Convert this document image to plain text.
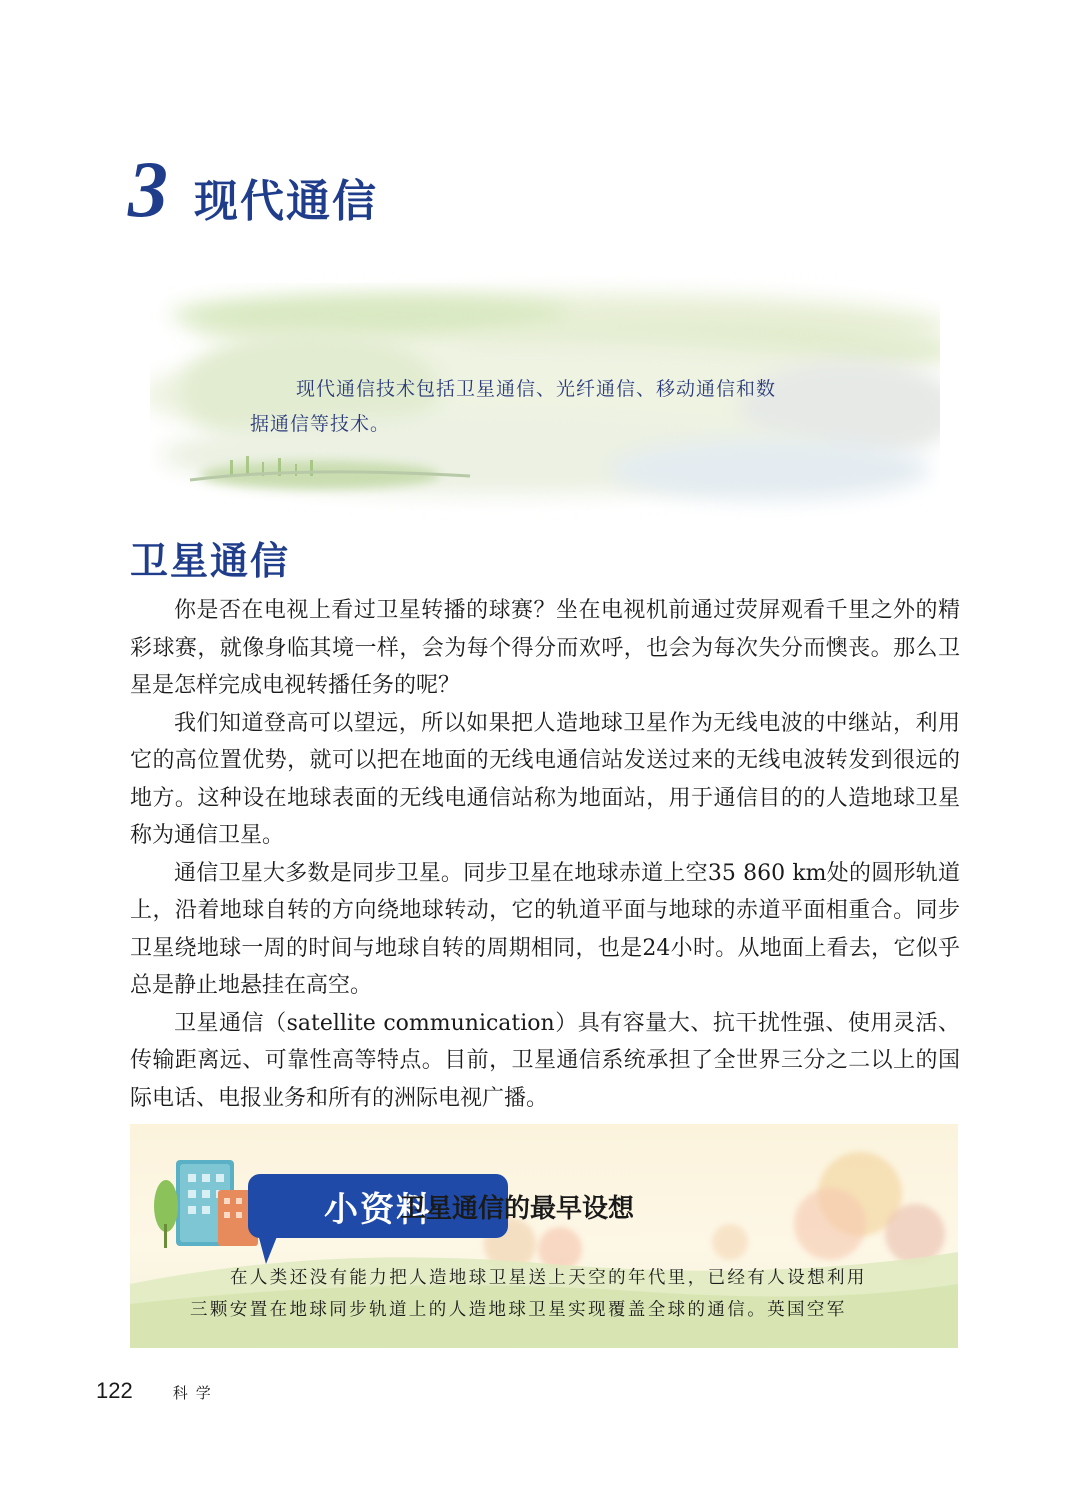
3 现代通信
现代通信技术包括卫星通信、光纤通信、移动通信和数
据通信等技术。
卫星通信

你是否在电视上看过卫星转播的球赛？坐在电视机前通过荧屏观看千里之外的精彩球赛，就像身临其境一样，会为每个得分而欢呼，也会为每次失分而懊丧。那么卫星是怎样完成电视转播任务的呢？

我们知道登高可以望远，所以如果把人造地球卫星作为无线电波的中继站，利用它的高位置优势，就可以把在地面的无线电通信站发送过来的无线电波转发到很远的地方。这种设在地球表面的无线电通信站称为地面站，用于通信目的的人造地球卫星称为通信卫星。

通信卫星大多数是同步卫星。同步卫星在地球赤道上空35 860 km处的圆形轨道上，沿着地球自转的方向绕地球转动，它的轨道平面与地球的赤道平面相重合。同步卫星绕地球一周的时间与地球自转的周期相同，也是24小时。从地面上看去，它似乎总是静止地悬挂在高空。

卫星通信（satellite communication）具有容量大、抗干扰性强、使用灵活、传输距离远、可靠性高等特点。目前，卫星通信系统承担了全世界三分之二以上的国际电话、电报业务和所有的洲际电视广播。

小资料
卫星通信的最早设想
在人类还没有能力把人造地球卫星送上天空的年代里，已经有人设想利用
三颗安置在地球同步轨道上的人造地球卫星实现覆盖全球的通信。英国空军
122	科学
